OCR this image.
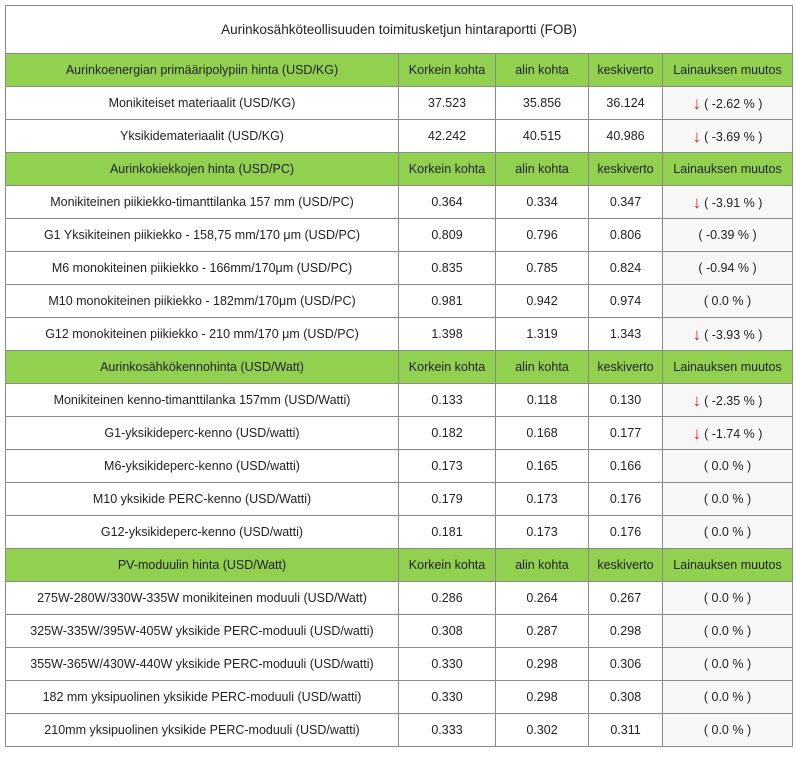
Aurinkosähköteollisuuden toimitusketjun hintaraportti (FOB)				
Aurinkoenergian primääripolypiin hinta (USD/KG)	Korkein kohta	alin kohta	keskiverto	Lainauksen muutos
Monikiteiset materiaalit (USD/KG)	37.523	35.856	36.124	↓ ( -2.62 % )
Yksikidemateriaalit (USD/KG)	42.242	40.515	40.986	↓ ( -3.69 % )
Aurinkokiekkojen hinta (USD/PC)	Korkein kohta	alin kohta	keskiverto	Lainauksen muutos
Monikiteinen piikiekko-timanttilanka 157 mm (USD/PC)	0.364	0.334	0.347	↓ ( -3.91 % )
G1 Yksikiteinen piikiekko - 158,75 mm/170 μm (USD/PC)	0.809	0.796	0.806	( -0.39 % )
M6 monokiteinen piikiekko - 166mm/170μm (USD/PC)	0.835	0.785	0.824	( -0.94 % )
M10 monokiteinen piikiekko - 182mm/170μm (USD/PC)	0.981	0.942	0.974	( 0.0 % )
G12 monokiteinen piikiekko - 210 mm/170 μm (USD/PC)	1.398	1.319	1.343	↓ ( -3.93 % )
Aurinkosähkökennohinta (USD/Watt)	Korkein kohta	alin kohta	keskiverto	Lainauksen muutos
Monikiteinen kenno-timanttilanka 157mm (USD/Watti)	0.133	0.118	0.130	↓ ( -2.35 % )
G1-yksikideperc-kenno (USD/watti)	0.182	0.168	0.177	↓ ( -1.74 % )
M6-yksikideperc-kenno (USD/watti)	0.173	0.165	0.166	( 0.0 % )
M10 yksikide PERC-kenno (USD/Watti)	0.179	0.173	0.176	( 0.0 % )
G12-yksikideperc-kenno (USD/watti)	0.181	0.173	0.176	( 0.0 % )
PV-moduulin hinta (USD/Watt)	Korkein kohta	alin kohta	keskiverto	Lainauksen muutos
275W-280W/330W-335W monikiteinen moduuli (USD/Watt)	0.286	0.264	0.267	( 0.0 % )
325W-335W/395W-405W yksikide PERC-moduuli (USD/watti)	0.308	0.287	0.298	( 0.0 % )
355W-365W/430W-440W yksikide PERC-moduuli (USD/watti)	0.330	0.298	0.306	( 0.0 % )
182 mm yksipuolinen yksikide PERC-moduuli (USD/watti)	0.330	0.298	0.308	( 0.0 % )
210mm yksipuolinen yksikide PERC-moduuli (USD/watti)	0.333	0.302	0.311	( 0.0 % )
